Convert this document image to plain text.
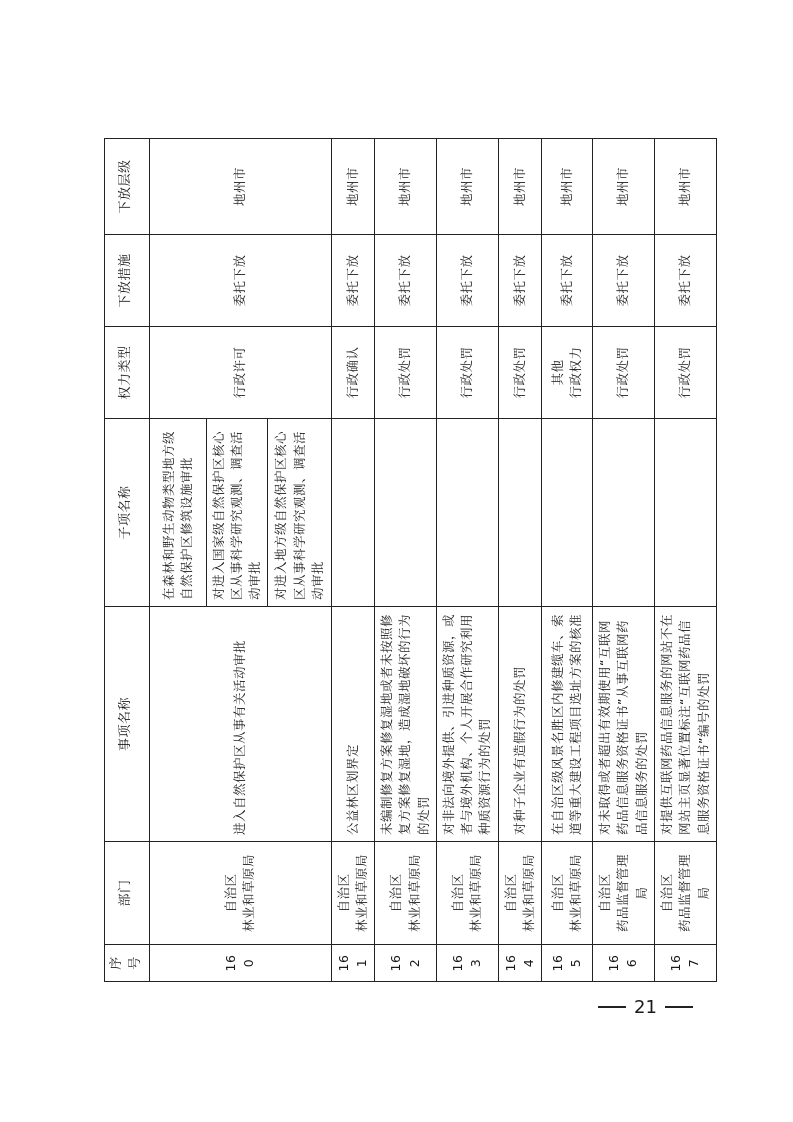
序号	部门	事项名称	子项名称	权力类型	下放措施	下放层级
160	自治区 林业和草原局	进入自然保护区从事有关活动审批	在森林和野生动物类型地方级自然保护区修筑设施审批	行政许可	委托下放	地州市
			对进入国家级自然保护区核心区从事科学研究观测、调查活动审批			
			对进入地方级自然保护区核心区从事科学研究观测、调查活动审批			
161	自治区 林业和草原局	公益林区划界定		行政确认	委托下放	地州市
162	自治区 林业和草原局	未编制修复方案修复湿地或者未按照修复方案修复湿地，造成湿地破坏的行为的处罚		行政处罚	委托下放	地州市
163	自治区 林业和草原局	对非法向境外提供、引进种质资源，或者与境外机构、个人开展合作研究利用种质资源行为的处罚		行政处罚	委托下放	地州市
164	自治区 林业和草原局	对种子企业有造假行为的处罚		行政处罚	委托下放	地州市
165	自治区 林业和草原局	在自治区级风景名胜区内修建缆车、索道等重大建设工程项目选址方案的核准		其他 行政权力	委托下放	地州市
166	自治区 药品监督管理局	对未取得或者超出有效期使用“互联网药品信息服务资格证书”从事互联网药品信息服务的处罚		行政处罚	委托下放	地州市
167	自治区 药品监督管理局	对提供互联网药品信息服务的网站不在网站主页显著位置标注“互联网药品信息服务资格证书”编号的处罚		行政处罚	委托下放	地州市
21
